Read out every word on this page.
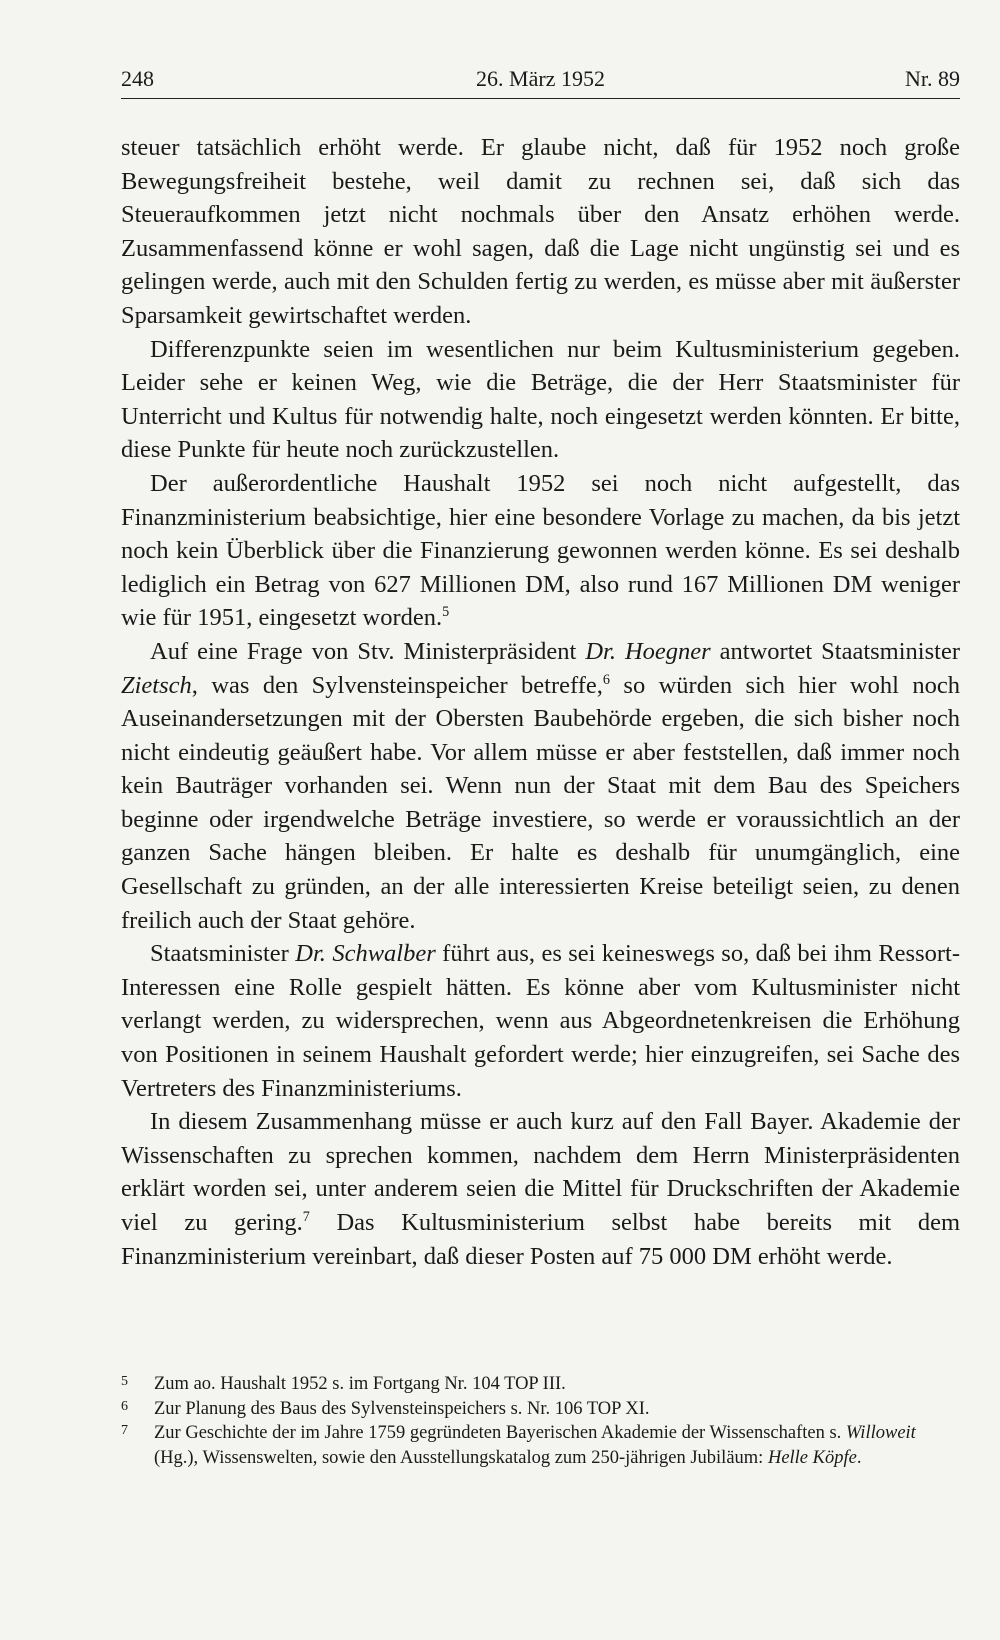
248	26. März 1952	Nr. 89

steuer tatsächlich erhöht werde. Er glaube nicht, daß für 1952 noch große Bewegungsfreiheit bestehe, weil damit zu rechnen sei, daß sich das Steueraufkommen jetzt nicht nochmals über den Ansatz erhöhen werde. Zusammenfassend könne er wohl sagen, daß die Lage nicht ungünstig sei und es gelingen werde, auch mit den Schulden fertig zu werden, es müsse aber mit äußerster Sparsamkeit gewirtschaftet werden.

Differenzpunkte seien im wesentlichen nur beim Kultusministerium gegeben. Leider sehe er keinen Weg, wie die Beträge, die der Herr Staatsminister für Unterricht und Kultus für notwendig halte, noch eingesetzt werden könnten. Er bitte, diese Punkte für heute noch zurückzustellen.

Der außerordentliche Haushalt 1952 sei noch nicht aufgestellt, das Finanzministerium beabsichtige, hier eine besondere Vorlage zu machen, da bis jetzt noch kein Überblick über die Finanzierung gewonnen werden könne. Es sei deshalb lediglich ein Betrag von 627 Millionen DM, also rund 167 Millionen DM weniger wie für 1951, eingesetzt worden.$^5$

Auf eine Frage von Stv. Ministerpräsident Dr. Hoegner antwortet Staatsminister Zietsch, was den Sylvensteinspeicher betreffe,$^6$ so würden sich hier wohl noch Auseinandersetzungen mit der Obersten Baubehörde ergeben, die sich bisher noch nicht eindeutig geäußert habe. Vor allem müsse er aber feststellen, daß immer noch kein Bauträger vorhanden sei. Wenn nun der Staat mit dem Bau des Speichers beginne oder irgendwelche Beträge investiere, so werde er voraussichtlich an der ganzen Sache hängen bleiben. Er halte es deshalb für unumgänglich, eine Gesellschaft zu gründen, an der alle interessierten Kreise beteiligt seien, zu denen freilich auch der Staat gehöre.

Staatsminister Dr. Schwalber führt aus, es sei keineswegs so, daß bei ihm Ressort-Interessen eine Rolle gespielt hätten. Es könne aber vom Kultusminister nicht verlangt werden, zu widersprechen, wenn aus Abgeordnetenkreisen die Erhöhung von Positionen in seinem Haushalt gefordert werde; hier einzugreifen, sei Sache des Vertreters des Finanzministeriums.

In diesem Zusammenhang müsse er auch kurz auf den Fall Bayer. Akademie der Wissenschaften zu sprechen kommen, nachdem dem Herrn Ministerpräsidenten erklärt worden sei, unter anderem seien die Mittel für Druckschriften der Akademie viel zu gering.$^7$ Das Kultusministerium selbst habe bereits mit dem Finanzministerium vereinbart, daß dieser Posten auf 75 000 DM erhöht werde.

5 Zum ao. Haushalt 1952 s. im Fortgang Nr. 104 TOP III.
6 Zur Planung des Baus des Sylvensteinspeichers s. Nr. 106 TOP XI.
7 Zur Geschichte der im Jahre 1759 gegründeten Bayerischen Akademie der Wissenschaften s. Willoweit (Hg.), Wissenswelten, sowie den Ausstellungskatalog zum 250-jährigen Jubiläum: Helle Köpfe.
